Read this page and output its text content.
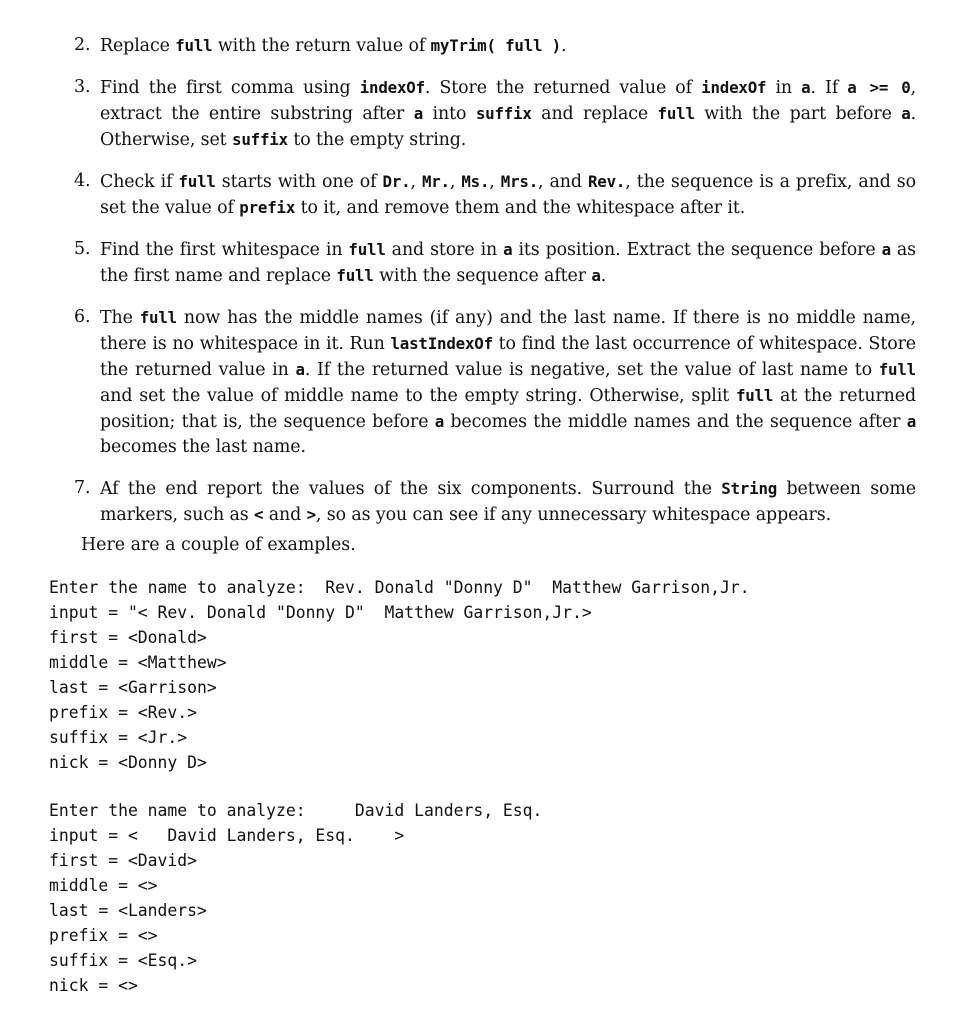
2. Replace full with the return value of myTrim( full ).
3. Find the first comma using indexOf. Store the returned value of indexOf in a. If a >= 0, extract the entire substring after a into suffix and replace full with the part before a. Otherwise, set suffix to the empty string.
4. Check if full starts with one of Dr., Mr., Ms., Mrs., and Rev., the sequence is a prefix, and so set the value of prefix to it, and remove them and the whitespace after it.
5. Find the first whitespace in full and store in a its position. Extract the sequence before a as the first name and replace full with the sequence after a.
6. The full now has the middle names (if any) and the last name. If there is no middle name, there is no whitespace in it. Run lastIndexOf to find the last occurrence of whitespace. Store the returned value in a. If the returned value is negative, set the value of last name to full and set the value of middle name to the empty string. Otherwise, split full at the returned position; that is, the sequence before a becomes the middle names and the sequence after a becomes the last name.
7. Af the end report the values of the six components. Surround the String between some markers, such as < and >, so as you can see if any unnecessary whitespace appears.

Here are a couple of examples.

Enter the name to analyze:  Rev. Donald "Donny D"  Matthew Garrison,Jr.
input = "< Rev. Donald "Donny D"  Matthew Garrison,Jr.>
first = <Donald>
middle = <Matthew>
last = <Garrison>
prefix = <Rev.>
suffix = <Jr.>
nick = <Donny D>
Enter the name to analyze:     David Landers, Esq.
input = <   David Landers, Esq.    >
first = <David>
middle = <>
last = <Landers>
prefix = <>
suffix = <Esq.>
nick = <>
